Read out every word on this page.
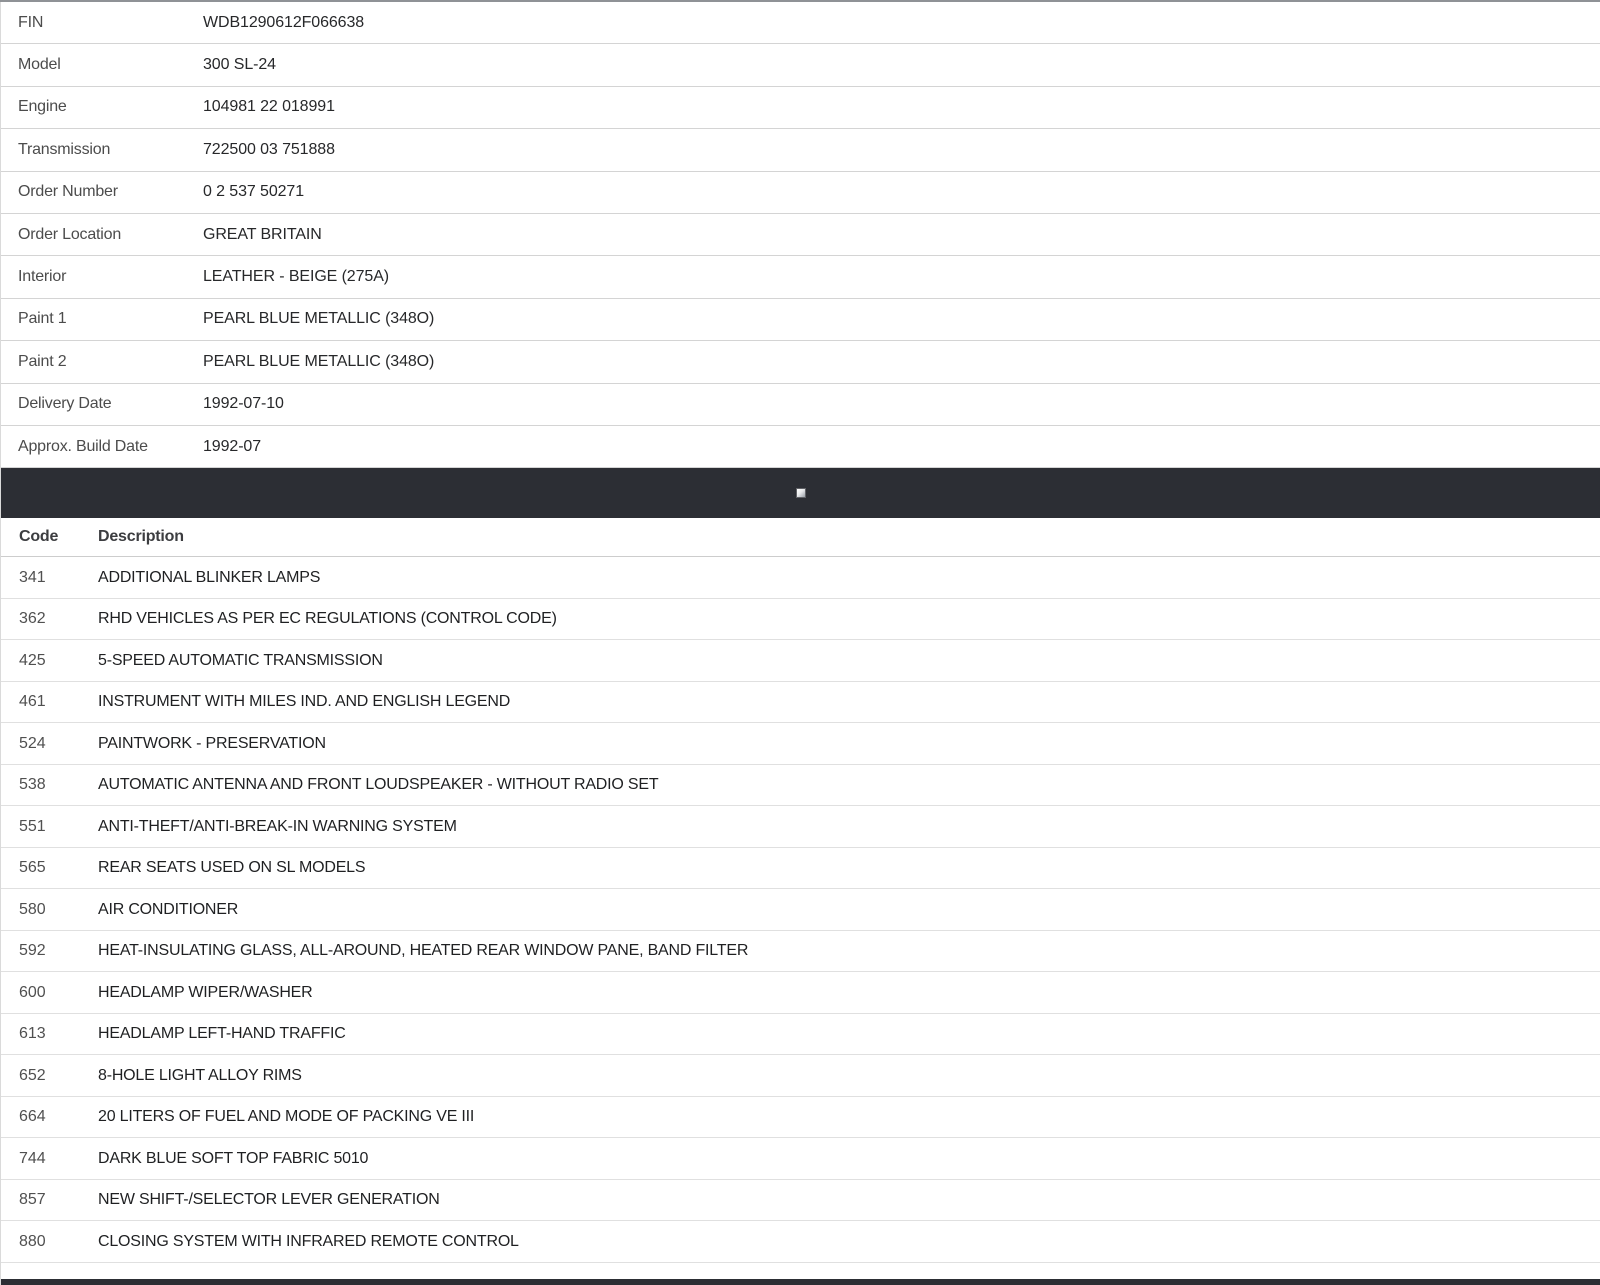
FIN	WDB1290612F066638
Model	300 SL-24
Engine	104981 22 018991
Transmission	722500 03 751888
Order Number	0 2 537 50271
Order Location	GREAT BRITAIN
Interior	LEATHER - BEIGE (275A)
Paint 1	PEARL BLUE METALLIC (348O)
Paint 2	PEARL BLUE METALLIC (348O)
Delivery Date	1992-07-10
Approx. Build Date	1992-07
Code	Description
341	ADDITIONAL BLINKER LAMPS
362	RHD VEHICLES AS PER EC REGULATIONS (CONTROL CODE)
425	5-SPEED AUTOMATIC TRANSMISSION
461	INSTRUMENT WITH MILES IND. AND ENGLISH LEGEND
524	PAINTWORK - PRESERVATION
538	AUTOMATIC ANTENNA AND FRONT LOUDSPEAKER - WITHOUT RADIO SET
551	ANTI-THEFT/ANTI-BREAK-IN WARNING SYSTEM
565	REAR SEATS USED ON SL MODELS
580	AIR CONDITIONER
592	HEAT-INSULATING GLASS, ALL-AROUND, HEATED REAR WINDOW PANE, BAND FILTER
600	HEADLAMP WIPER/WASHER
613	HEADLAMP LEFT-HAND TRAFFIC
652	8-HOLE LIGHT ALLOY RIMS
664	20 LITERS OF FUEL AND MODE OF PACKING VE III
744	DARK BLUE SOFT TOP FABRIC 5010
857	NEW SHIFT-/SELECTOR LEVER GENERATION
880	CLOSING SYSTEM WITH INFRARED REMOTE CONTROL
